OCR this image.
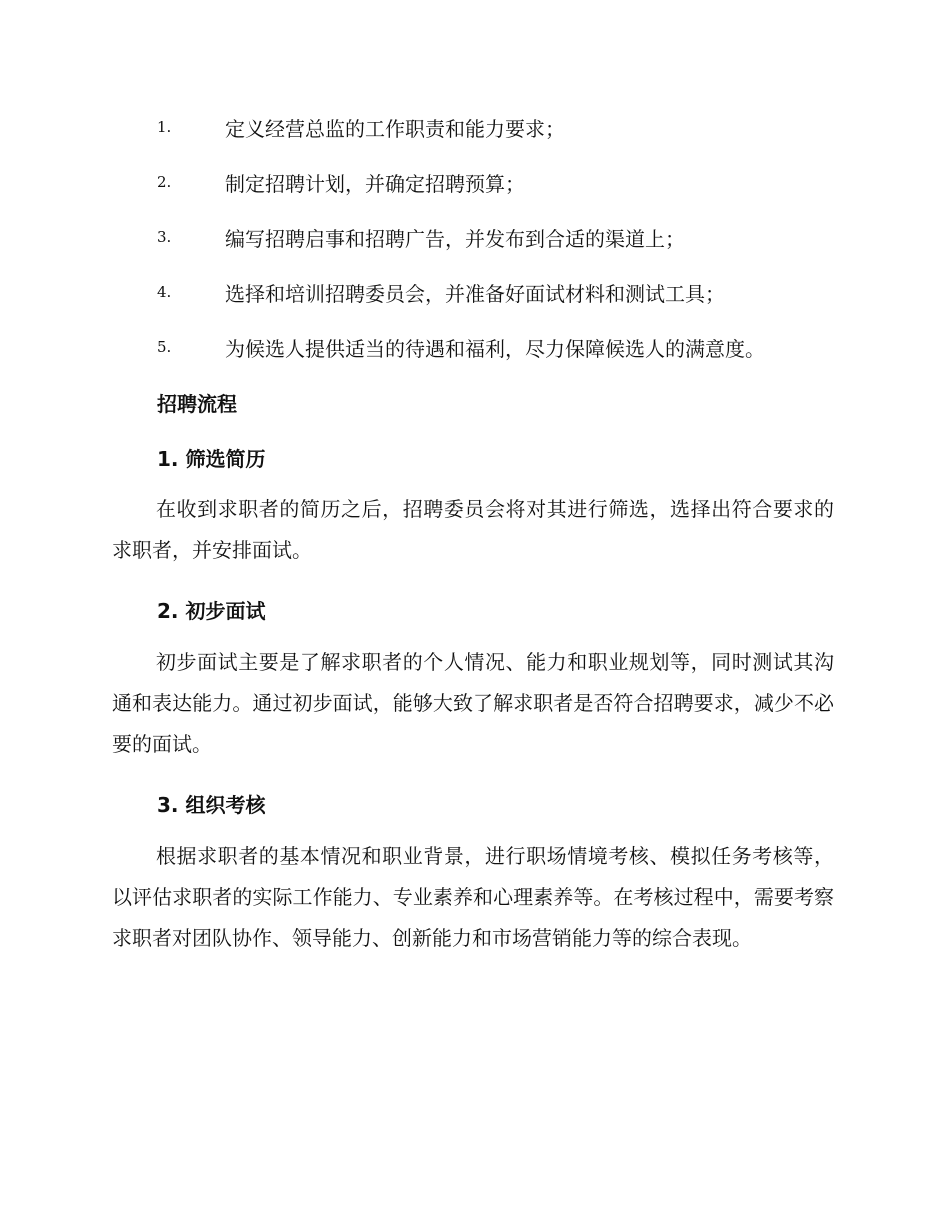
1.	定义经营总监的工作职责和能力要求；
2.	制定招聘计划，并确定招聘预算；
3.	编写招聘启事和招聘广告，并发布到合适的渠道上；
4.	选择和培训招聘委员会，并准备好面试材料和测试工具；
5.	为候选人提供适当的待遇和福利，尽力保障候选人的满意度。
招聘流程
1. 筛选简历
在收到求职者的简历之后，招聘委员会将对其进行筛选，选择出符合要求的求职者，并安排面试。
2. 初步面试
初步面试主要是了解求职者的个人情况、能力和职业规划等，同时测试其沟通和表达能力。通过初步面试，能够大致了解求职者是否符合招聘要求，减少不必要的面试。
3. 组织考核
根据求职者的基本情况和职业背景，进行职场情境考核、模拟任务考核等，以评估求职者的实际工作能力、专业素养和心理素养等。在考核过程中，需要考察求职者对团队协作、领导能力、创新能力和市场营销能力等的综合表现。
